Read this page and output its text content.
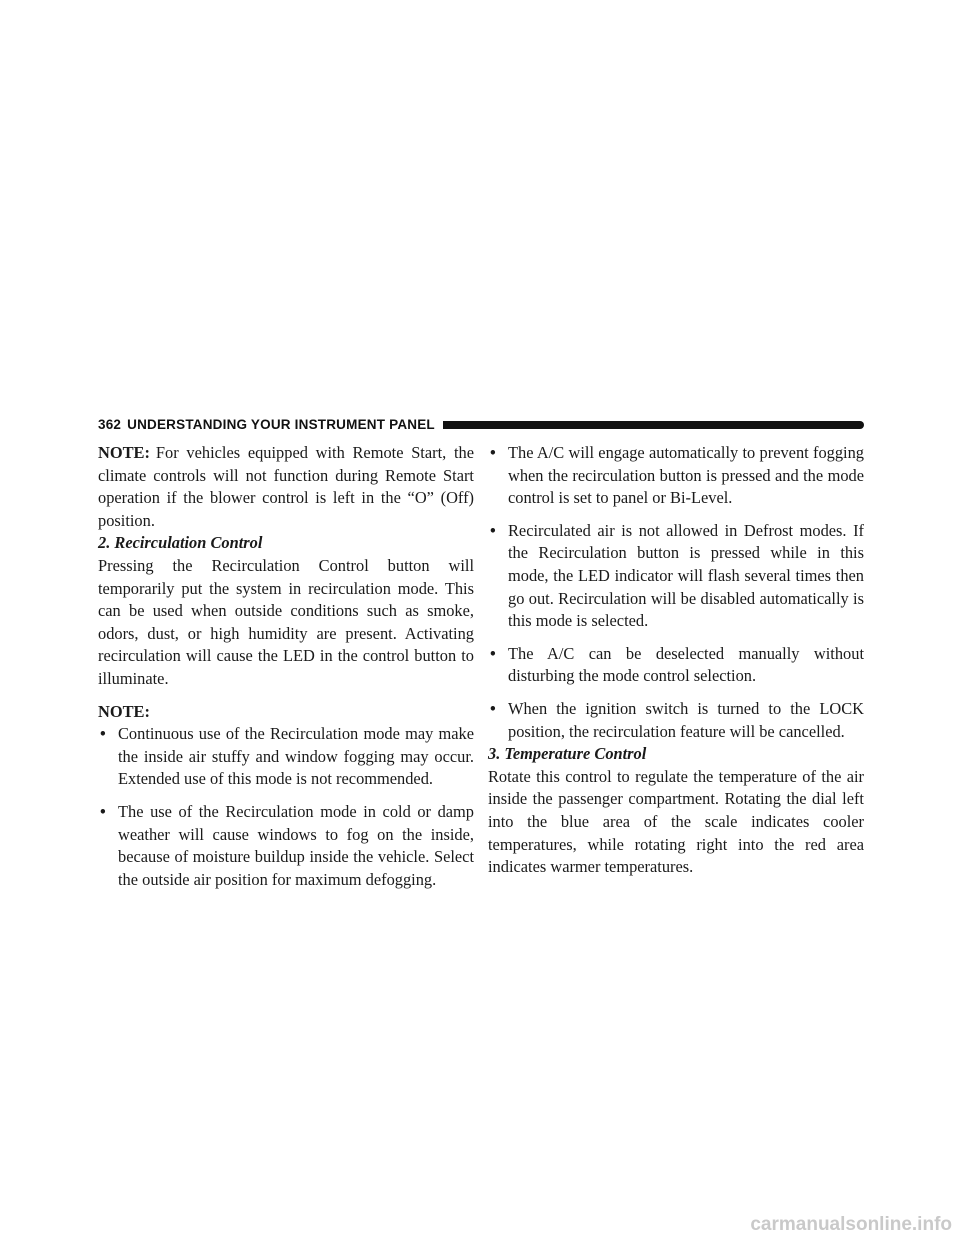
362 UNDERSTANDING YOUR INSTRUMENT PANEL

NOTE: For vehicles equipped with Remote Start, the climate controls will not function during Remote Start operation if the blower control is left in the “O” (Off) position.

2. Recirculation Control

Pressing the Recirculation Control button will temporarily put the system in recirculation mode. This can be used when outside conditions such as smoke, odors, dust, or high humidity are present. Activating recirculation will cause the LED in the control button to illuminate.

NOTE:

• Continuous use of the Recirculation mode may make the inside air stuffy and window fogging may occur. Extended use of this mode is not recommended.
• The use of the Recirculation mode in cold or damp weather will cause windows to fog on the inside, because of moisture buildup inside the vehicle. Select the outside air position for maximum defogging.
• The A/C will engage automatically to prevent fogging when the recirculation button is pressed and the mode control is set to panel or Bi-Level.
• Recirculated air is not allowed in Defrost modes. If the Recirculation button is pressed while in this mode, the LED indicator will flash several times then go out. Recirculation will be disabled automatically is this mode is selected.
• The A/C can be deselected manually without disturbing the mode control selection.
• When the ignition switch is turned to the LOCK position, the recirculation feature will be cancelled.

3. Temperature Control

Rotate this control to regulate the temperature of the air inside the passenger compartment. Rotating the dial left into the blue area of the scale indicates cooler temperatures, while rotating right into the red area indicates warmer temperatures.

carmanualsonline.info
